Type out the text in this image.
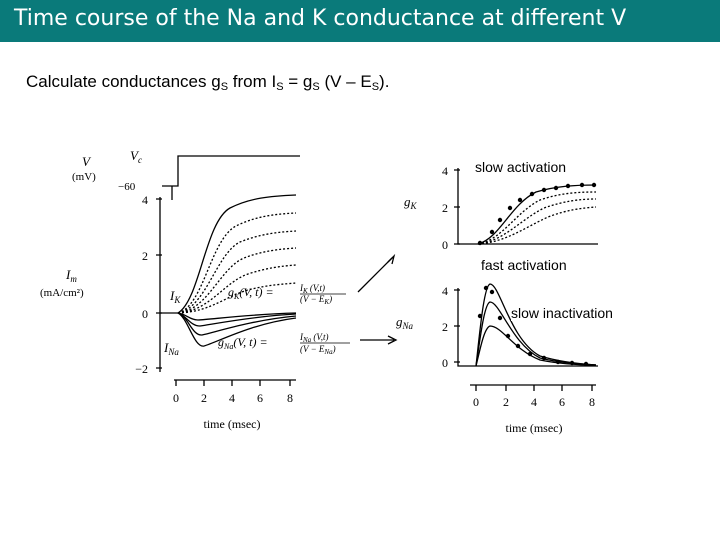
Time course of the Na and K conductance at different V
Calculate conductances $g_S$ from $I_S = g_S$ $(V - E_S)$.
V	$V_c$
$I_m$
$I_K$
$I_{Na}$
$g_K$
$g_{Na}$
(mV)
(mA/cm²)
−60
4
2
0
−2
4
2
0
4
2
0
$g_K(V$, t) =	$I_K$ (V,t)
$(V - E_K)$
$g_{Na}(V$, t) =	$I_{Na}$ (V,t)
$(V - E_{Na})$
0 2 4 6 8
time (msec)
0 2 4 6 8
time (msec)
slow activation
fast activation
slow inactivation
